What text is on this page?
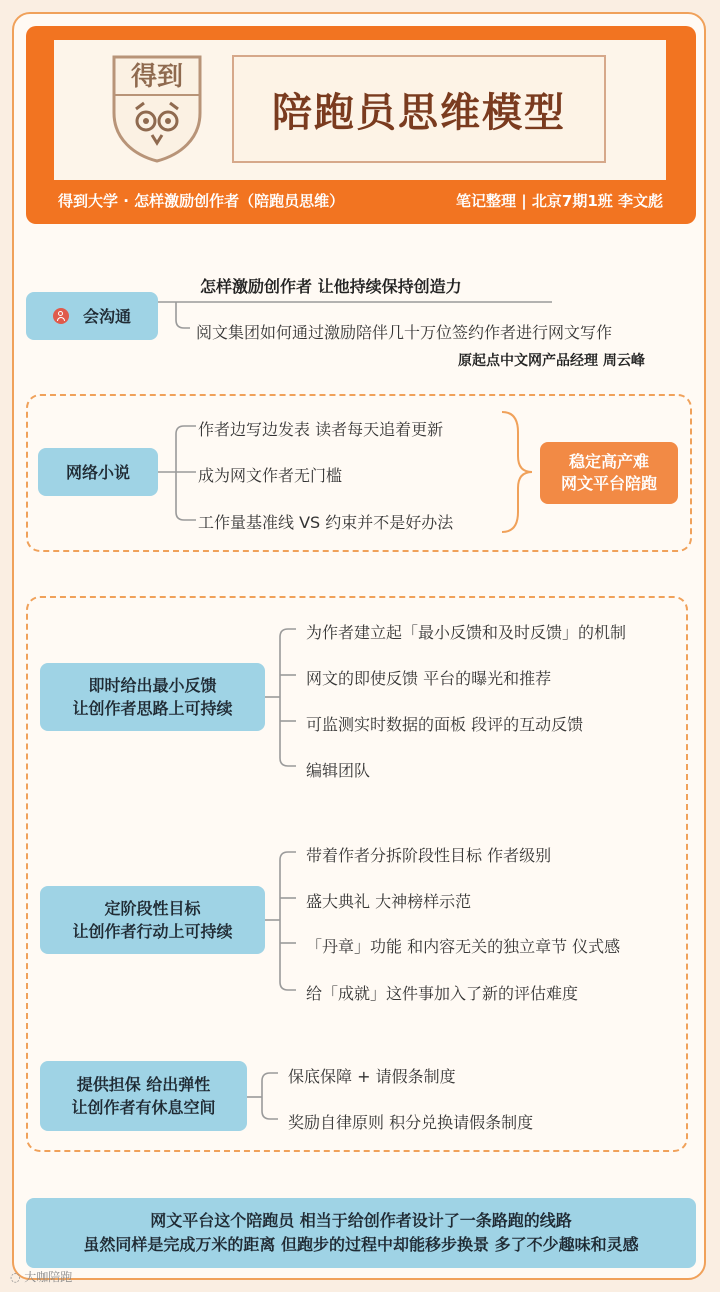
得到
陪跑员思维模型
得到大学 · 怎样激励创作者（陪跑员思维）	笔记整理 | 北京7期1班 李文彪
会沟通
怎样激励创作者 让他持续保持创造力
阅文集团如何通过激励陪伴几十万位签约作者进行网文写作
原起点中文网产品经理 周云峰
网络小说
作者边写边发表 读者每天追着更新
成为网文作者无门槛
工作量基准线 VS 约束并不是好办法
稳定高产难
网文平台陪跑
即时给出最小反馈
让创作者思路上可持续
为作者建立起「最小反馈和及时反馈」的机制
网文的即使反馈 平台的曝光和推荐
可监测实时数据的面板 段评的互动反馈
编辑团队
定阶段性目标
让创作者行动上可持续
带着作者分拆阶段性目标 作者级别
盛大典礼 大神榜样示范
「丹章」功能 和内容无关的独立章节 仪式感
给「成就」这件事加入了新的评估难度
提供担保 给出弹性
让创作者有休息空间
保底保障 + 请假条制度
奖励自律原则 积分兑换请假条制度
网文平台这个陪跑员 相当于给创作者设计了一条路跑的线路
虽然同样是完成万米的距离 但跑步的过程中却能移步换景 多了不少趣味和灵感
◌ 大咖陪跑
